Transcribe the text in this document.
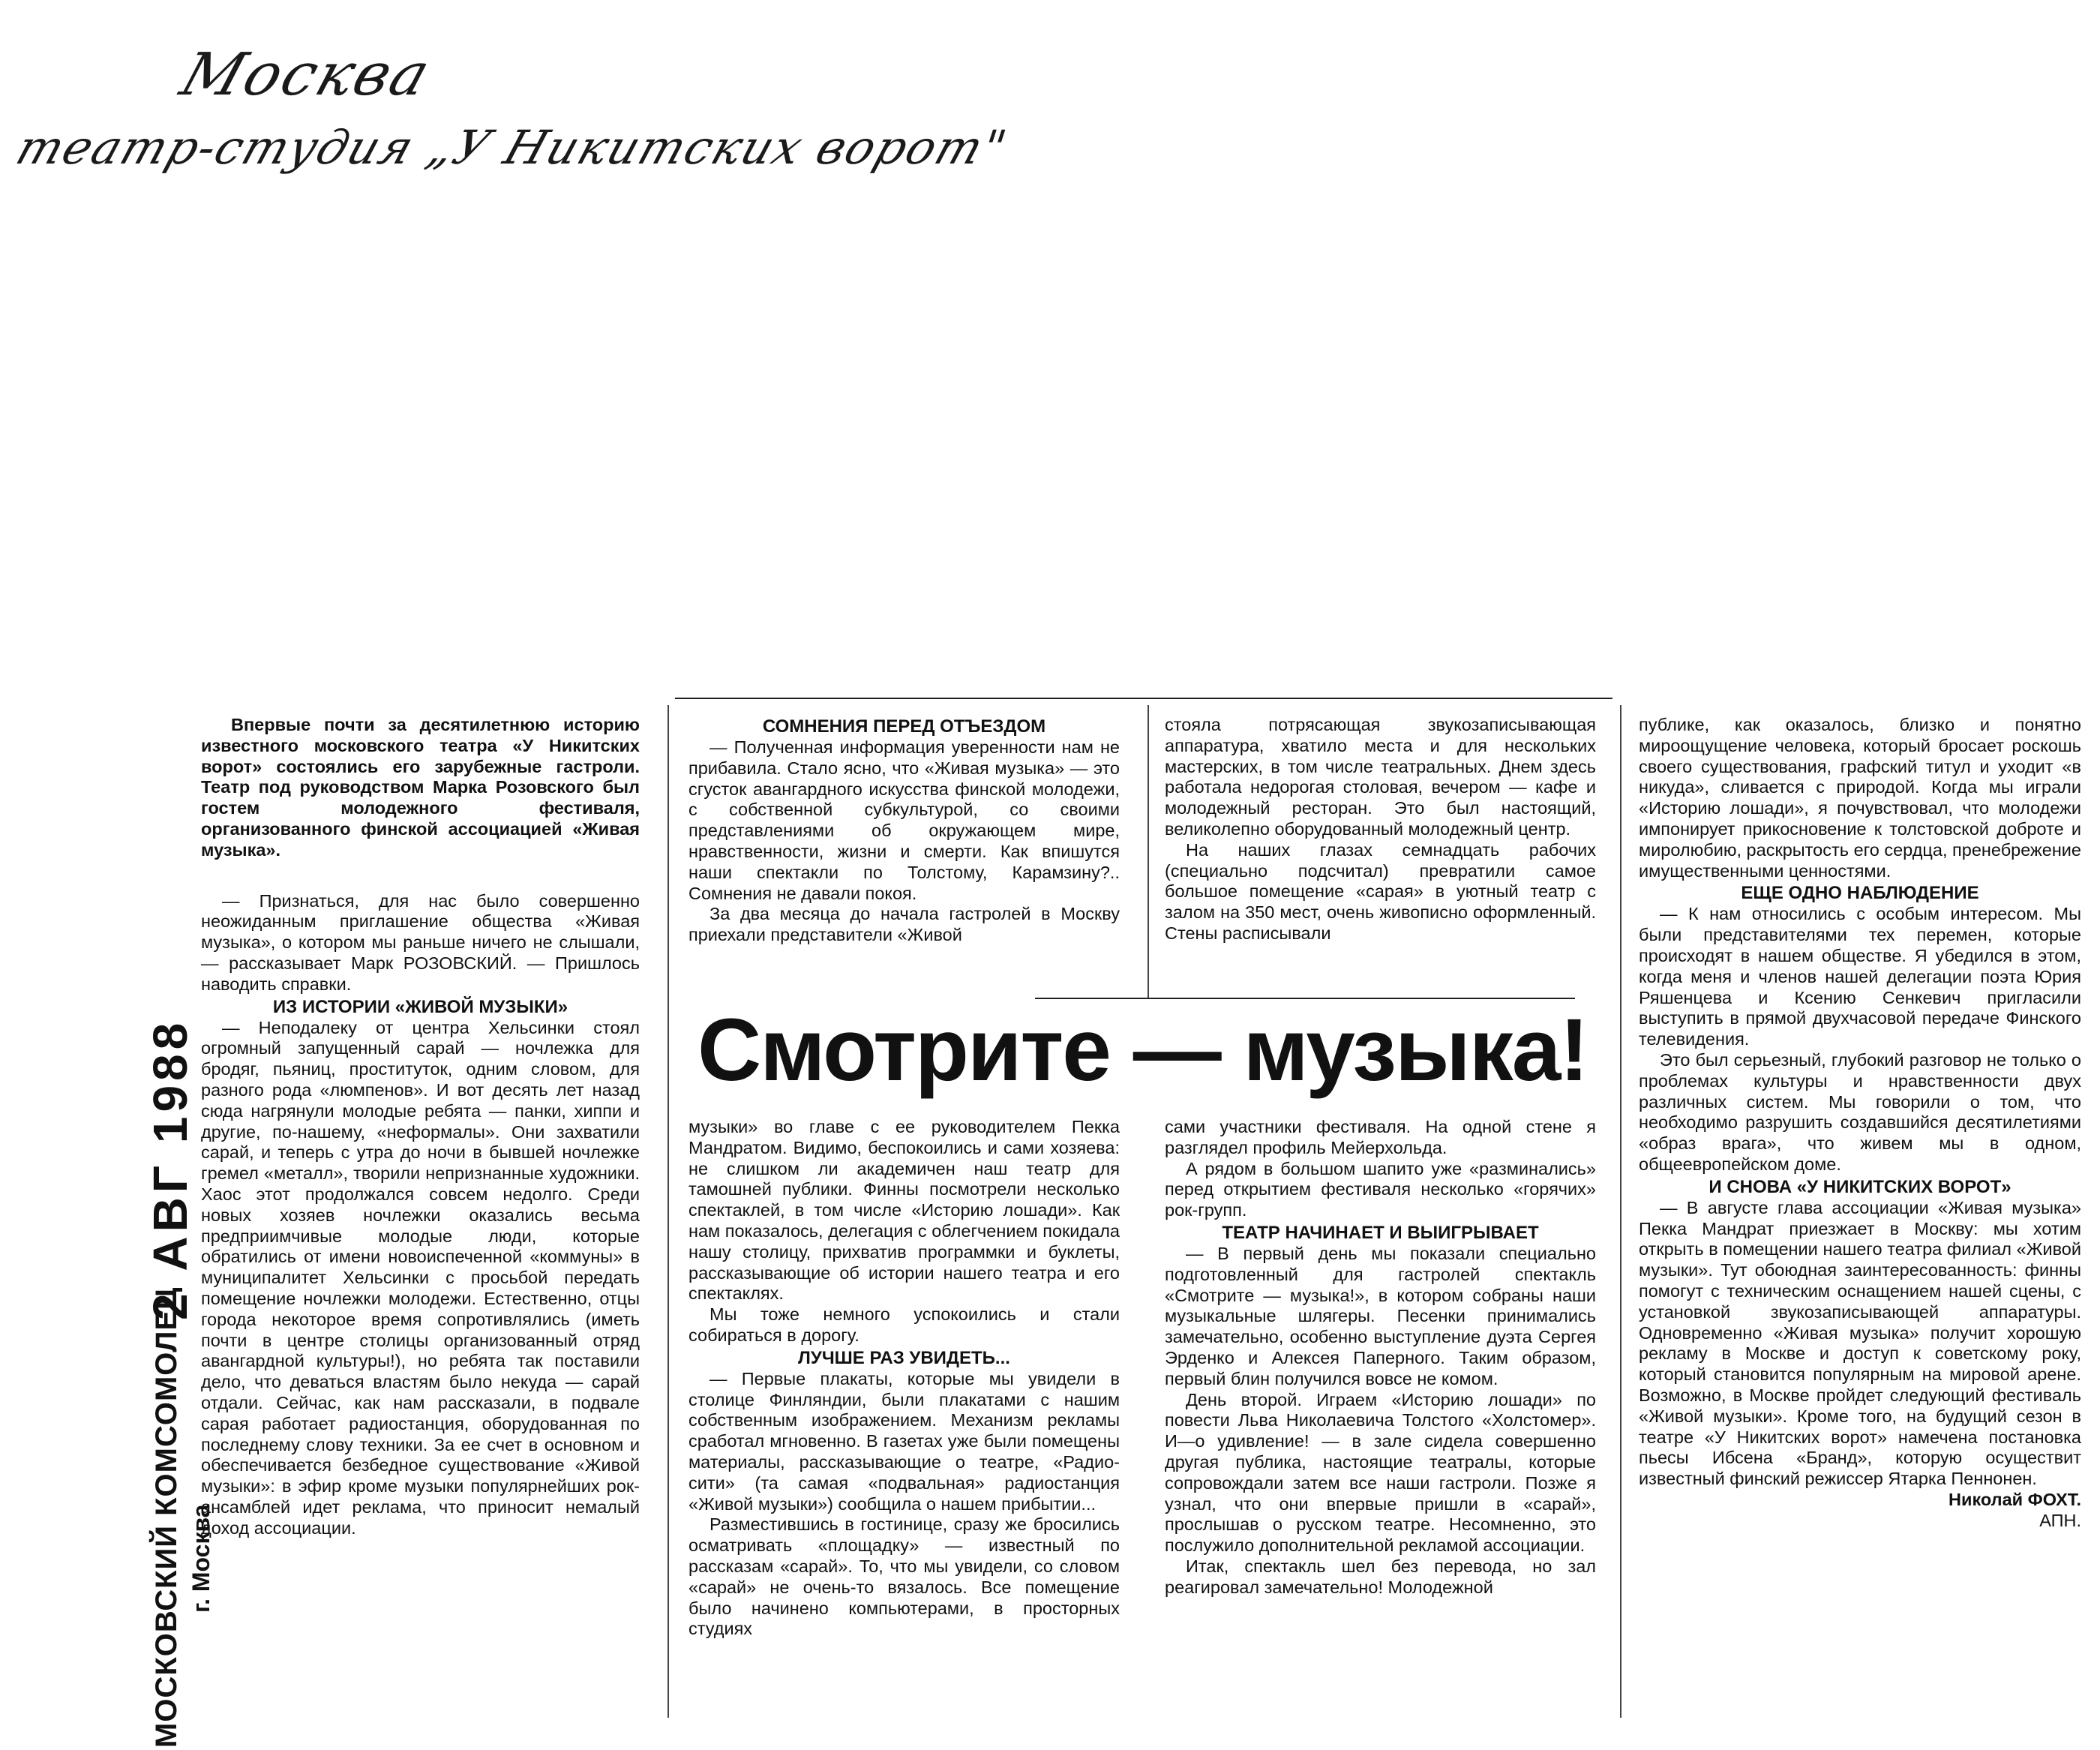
Москва
театр-студия „У Никитских ворот"
2 АВГ 1988
МОСКОВСКИЙ КОМСОМОЛЕЦ г. Москва

Впервые почти за десятилетнюю историю известного московского театра «У Никитских ворот» состоялись его зарубежные гастроли. Театр под руководством Марка Розовского был гостем молодежного фестиваля, организованного финской ассоциацией «Живая музыка».

— Признаться, для нас было совершенно неожиданным приглашение общества «Живая музыка», о котором мы раньше ничего не слышали, — рассказывает Марк РОЗОВСКИЙ. — Пришлось наводить справки.

ИЗ ИСТОРИИ «ЖИВОЙ МУЗЫКИ»

— Неподалеку от центра Хельсинки стоял огромный запущенный сарай — ночлежка для бродяг, пьяниц, проституток, одним словом, для разного рода «люмпенов». И вот десять лет назад сюда нагрянули молодые ребята — панки, хиппи и другие, по-нашему, «неформалы». Они захватили сарай, и теперь с утра до ночи в бывшей ночлежке гремел «металл», творили непризнанные художники. Хаос этот продолжался совсем недолго. Среди новых хозяев ночлежки оказались весьма предприимчивые молодые люди, которые обратились от имени новоиспеченной «коммуны» в муниципалитет Хельсинки с просьбой передать помещение ночлежки молодежи. Естественно, отцы города некоторое время сопротивлялись (иметь почти в центре столицы организованный отряд авангардной культуры!), но ребята так поставили дело, что деваться властям было некуда — сарай отдали. Сейчас, как нам рассказали, в подвале сарая работает радиостанция, оборудованная по последнему слову техники. За ее счет в основном и обеспечивается безбедное существование «Живой музыки»: в эфир кроме музыки популярнейших рок-ансамблей идет реклама, что приносит немалый доход ассоциации.

СОМНЕНИЯ ПЕРЕД ОТЪЕЗДОМ

— Полученная информация уверенности нам не прибавила. Стало ясно, что «Живая музыка» — это сгусток авангардного искусства финской молодежи, с собственной субкультурой, со своими представлениями об окружающем мире, нравственности, жизни и смерти. Как впишутся наши спектакли по Толстому, Карамзину?.. Сомнения не давали покоя.

За два месяца до начала гастролей в Москву приехали представители «Живой

стояла потрясающая звукозаписывающая аппаратура, хватило места и для нескольких мастерских, в том числе театральных. Днем здесь работала недорогая столовая, вечером — кафе и молодежный ресторан. Это был настоящий, великолепно оборудованный молодежный центр.

На наших глазах семнадцать рабочих (специально подсчитал) превратили самое большое помещение «сарая» в уютный театр с залом на 350 мест, очень живописно оформленный. Стены расписывали

Смотрите — музыка!

музыки» во главе с ее руководителем Пекка Мандратом. Видимо, беспокоились и сами хозяева: не слишком ли академичен наш театр для тамошней публики. Финны посмотрели несколько спектаклей, в том числе «Историю лошади». Как нам показалось, делегация с облегчением покидала нашу столицу, прихватив программки и буклеты, рассказывающие об истории нашего театра и его спектаклях.

Мы тоже немного успокоились и стали собираться в дорогу.

ЛУЧШЕ РАЗ УВИДЕТЬ...

— Первые плакаты, которые мы увидели в столице Финляндии, были плакатами с нашим собственным изображением. Механизм рекламы сработал мгновенно. В газетах уже были помещены материалы, рассказывающие о театре, «Радио-сити» (та самая «подвальная» радиостанция «Живой музыки») сообщила о нашем прибытии...

Разместившись в гостинице, сразу же бросились осматривать «площадку» — известный по рассказам «сарай». То, что мы увидели, со словом «сарай» не очень-то вязалось. Все помещение было начинено компьютерами, в просторных студиях

сами участники фестиваля. На одной стене я разглядел профиль Мейерхольда.

А рядом в большом шапито уже «разминались» перед открытием фестиваля несколько «горячих» рок-групп.

ТЕАТР НАЧИНАЕТ И ВЫИГРЫВАЕТ

— В первый день мы показали специально подготовленный для гастролей спектакль «Смотрите — музыка!», в котором собраны наши музыкальные шлягеры. Песенки принимались замечательно, особенно выступление дуэта Сергея Эрденко и Алексея Паперного. Таким образом, первый блин получился вовсе не комом.

День второй. Играем «Историю лошади» по повести Льва Николаевича Толстого «Холстомер». И—о удивление! — в зале сидела совершенно другая публика, настоящие театралы, которые сопровождали затем все наши гастроли. Позже я узнал, что они впервые пришли в «сарай», прослышав о русском театре. Несомненно, это послужило дополнительной рекламой ассоциации.

Итак, спектакль шел без перевода, но зал реагировал замечательно! Молодежной

публике, как оказалось, близко и понятно мироощущение человека, который бросает роскошь своего существования, графский титул и уходит «в никуда», сливается с природой. Когда мы играли «Историю лошади», я почувствовал, что молодежи импонирует прикосновение к толстовской доброте и миролюбию, раскрытость его сердца, пренебрежение имущественными ценностями.

ЕЩЕ ОДНО НАБЛЮДЕНИЕ

— К нам относились с особым интересом. Мы были представителями тех перемен, которые происходят в нашем обществе. Я убедился в этом, когда меня и членов нашей делегации поэта Юрия Ряшенцева и Ксению Сенкевич пригласили выступить в прямой двухчасовой передаче Финского телевидения.

Это был серьезный, глубокий разговор не только о проблемах культуры и нравственности двух различных систем. Мы говорили о том, что необходимо разрушить создавшийся десятилетиями «образ врага», что живем мы в одном, общеевропейском доме.

И СНОВА «У НИКИТСКИХ ВОРОТ»

— В августе глава ассоциации «Живая музыка» Пекка Мандрат приезжает в Москву: мы хотим открыть в помещении нашего театра филиал «Живой музыки». Тут обоюдная заинтересованность: финны помогут с техническим оснащением нашей сцены, с установкой звукозаписывающей аппаратуры. Одновременно «Живая музыка» получит хорошую рекламу в Москве и доступ к советскому року, который становится популярным на мировой арене. Возможно, в Москве пройдет следующий фестиваль «Живой музыки». Кроме того, на будущий сезон в театре «У Никитских ворот» намечена постановка пьесы Ибсена «Бранд», которую осуществит известный финский режиссер Ятарка Пеннонен.

Николай ФОХТ.

АПН.
